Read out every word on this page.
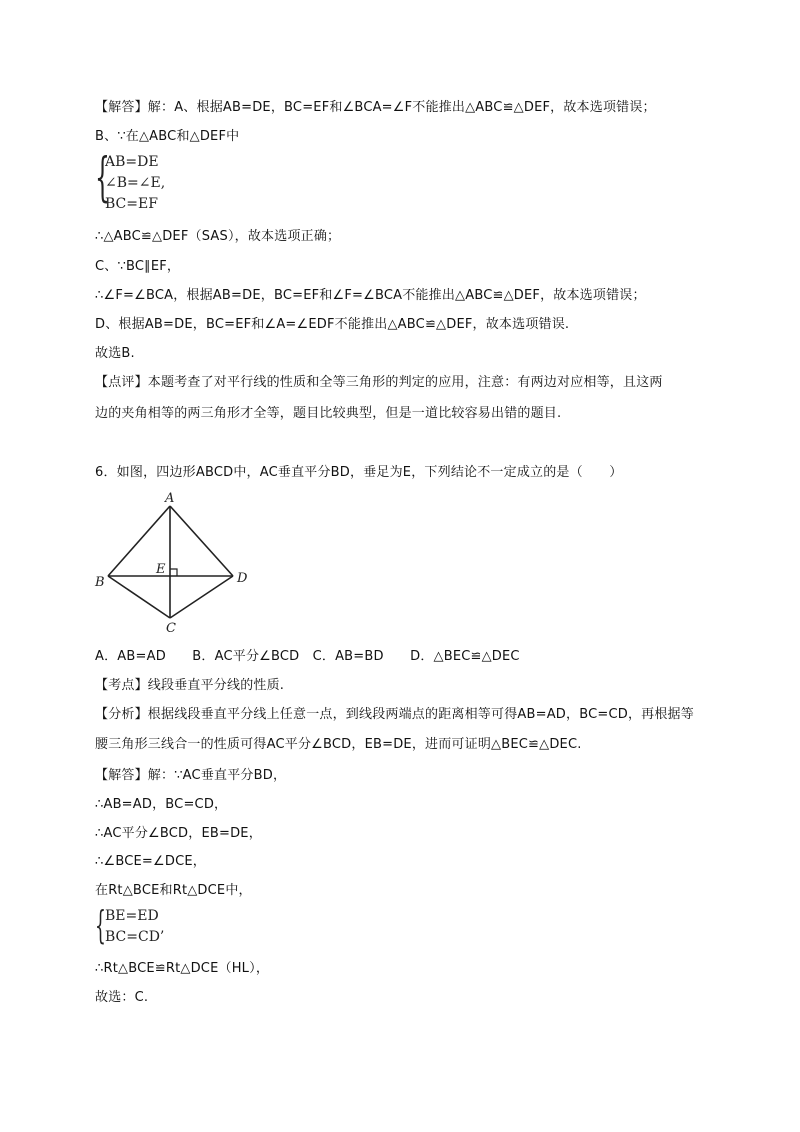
【解答】解：A、根据AB=DE，BC=EF和∠BCA=∠F不能推出△ABC≌△DEF，故本选项错误；
B、∵在△ABC和△DEF中
{
AB=DE
∠B=∠E,
BC=EF
∴△ABC≌△DEF（SAS），故本选项正确；
C、∵BC∥EF，
∴∠F=∠BCA，根据AB=DE，BC=EF和∠F=∠BCA不能推出△ABC≌△DEF，故本选项错误；
D、根据AB=DE，BC=EF和∠A=∠EDF不能推出△ABC≌△DEF，故本选项错误.
故选B.
【点评】本题考查了对平行线的性质和全等三角形的判定的应用，注意：有两边对应相等，且这两
边的夹角相等的两三角形才全等，题目比较典型，但是一道比较容易出错的题目.
6．如图，四边形ABCD中，AC垂直平分BD，垂足为E，下列结论不一定成立的是（　　）
A
B
C
D
E
A．AB=AD　　B．AC平分∠BCD　C．AB=BD　　D．△BEC≌△DEC
【考点】线段垂直平分线的性质.
【分析】根据线段垂直平分线上任意一点，到线段两端点的距离相等可得AB=AD，BC=CD，再根据等
腰三角形三线合一的性质可得AC平分∠BCD，EB=DE，进而可证明△BEC≌△DEC.
【解答】解：∵AC垂直平分BD，
∴AB=AD，BC=CD，
∴AC平分∠BCD，EB=DE，
∴∠BCE=∠DCE，
在Rt△BCE和Rt△DCE中，
{ BE=ED
BC=CD’
∴Rt△BCE≌Rt△DCE（HL），
故选：C.
